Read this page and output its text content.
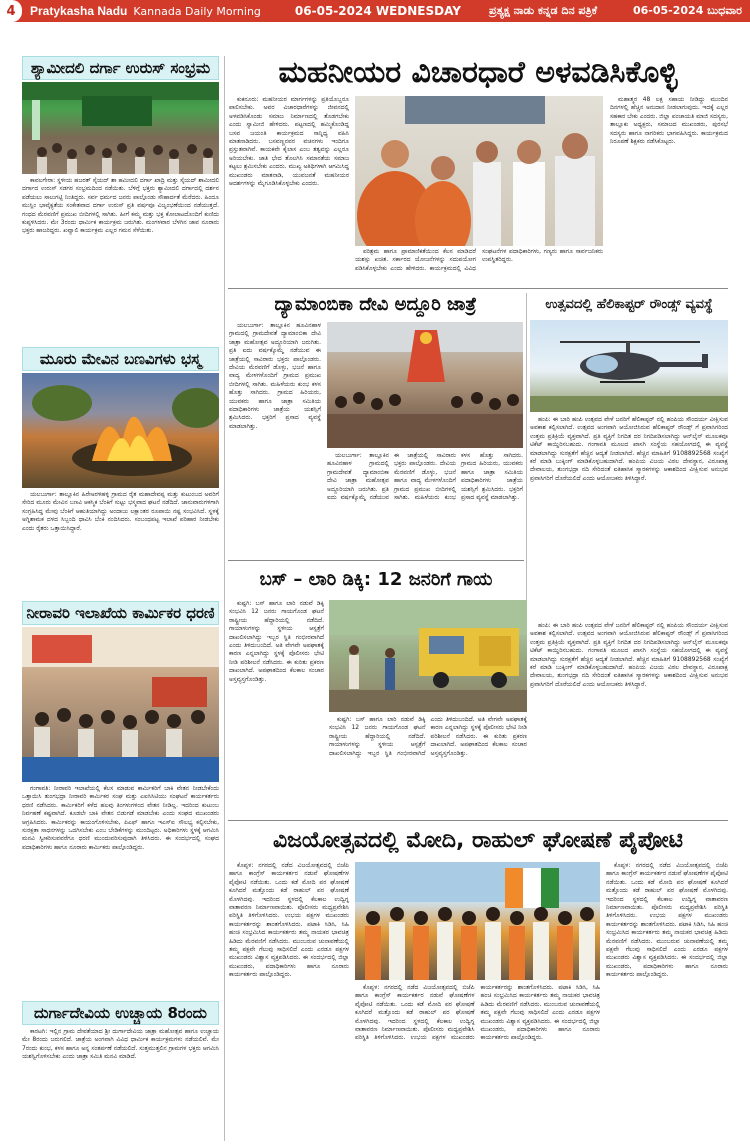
4	Pratykasha Nadu Kannada Daily Morning	06-05-2024 WEDNESDAY	ಪ್ರತ್ಯಕ್ಷ ನಾಡು ಕನ್ನಡ ದಿನ ಪತ್ರಿಕೆ	06-05-2024 ಬುಧವಾರ
ಶ್ಯಾಮೀದಲಿ ದರ್ಗಾ ಉರುಸ್ ಸಂಭ್ರಮ

ಕಾವಲಗೇರಾ: ಸ್ಥಳೀಯ ಹಜರತ್ ಸೈಯದ್ ಶಾ ಹಮೀದಲಿ ದರ್ಗಾ ಖಾದ್ರಿ ಮತ್ತು ಸೈಯದ್ ಶಾಮೀದಲಿ ದರ್ಗಾದ ಉರುಸ್ ಸಡಗರ ಸಂಭ್ರಮದಿಂದ ನಡೆಯಿತು. ಬೆಳಿಗ್ಗೆ ಭಕ್ತರು ಶ್ಯಾಮೀದಲಿ ದರ್ಗಾದಲ್ಲಿ ದರ್ಶನ ಪಡೆಯಲು ಸಾಲುಗಟ್ಟಿ ನಿಂತಿದ್ದರು. ಸರ್ವ ಧರ್ಮದ ಜನರು ಪಾಲ್ಗೊಂಡು ಸೌಹಾರ್ದತೆ ಮೆರೆದರು. ಹಿಂದೂ ಮುಸ್ಲಿಂ ಭಾವೈಕ್ಯತೆಯ ಸಂಕೇತವಾದ ದರ್ಗಾ ಉರುಸ್ ಪ್ರತಿ ವರ್ಷವೂ ವಿಜೃಂಭಣೆಯಿಂದ ನಡೆಯುತ್ತದೆ. ಗಂಧದ ಮೆರವಣಿಗೆ ಪ್ರಮುಖ ಬೀದಿಗಳಲ್ಲಿ ಸಾಗಿತು. ಹೀಗೆ ಕಮ್ಮ ಮತ್ತು ಭಕ್ತ ಕೋಲಾಟದೊಂದಿಗೆ ಕುಣಿದು ಕುಪ್ಪಳಿಸಿದರು. ಮೇ 3ರಂದು ಧಾರ್ಮಿಕ ಕಾರ್ಯಕ್ರಮ ಜರುಗಿತು. ಮಂಗಳವಾರ ಬೆಳಗಿನ ಜಾವ ನೂರಾರು ಭಕ್ತರು ಹಾಜರಿದ್ದರು. ಖವ್ವಾಲಿ ಕಾರ್ಯಕ್ರಮ ಎಲ್ಲರ ಗಮನ ಸೆಳೆಯಿತು.

ಮೂರು ಮೇವಿನ ಬಣವಿಗಳು ಭಸ್ಮ

ಯಲಬುರ್ಗಾ: ತಾಲ್ಲೂಕಿನ ಹಿರೇಅರಳಿಹಳ್ಳಿ ಗ್ರಾಮದ ರೈತ ಮಹಾದೇವಪ್ಪ ಮತ್ತು ಕುಟುಂಬದ ಅವರಿಗೆ ಸೇರಿದ ಮೂರು ಮೇವಿನ ಬಣವಿ ಆಕಸ್ಮಿಕ ಬೆಂಕಿಗೆ ಸುಟ್ಟು ಭಸ್ಮವಾದ ಘಟನೆ ನಡೆದಿದೆ. ಜಾನುವಾರುಗಳಿಗಾಗಿ ಸಂಗ್ರಹಿಸಿದ್ದ ಮೇವು ಬೆಂಕಿಗೆ ಆಹುತಿಯಾಗಿದ್ದು ಅಂದಾಜು ಲಕ್ಷಾಂತರ ರೂಪಾಯಿ ನಷ್ಟ ಸಂಭವಿಸಿದೆ. ಸ್ಥಳಕ್ಕೆ ಅಗ್ನಿಶಾಮಕ ದಳದ ಸಿಬ್ಬಂದಿ ಧಾವಿಸಿ ಬೆಂಕಿ ನಂದಿಸಿದರು. ಸಂಬಂಧಪಟ್ಟ ಇಲಾಖೆ ಪರಿಹಾರ ನೀಡಬೇಕು ಎಂದು ರೈತರು ಒತ್ತಾಯಿಸಿದ್ದಾರೆ.

ನೀರಾವರಿ ಇಲಾಖೆಯ ಕಾರ್ಮಿಕರ ಧರಣಿ

ಗಂಗಾವತಿ: ನೀರಾವರಿ ಇಲಾಖೆಯಲ್ಲಿ ಕೆಲಸ ಮಾಡುವ ಕಾರ್ಮಿಕರಿಗೆ ಬಾಕಿ ವೇತನ ನೀಡಬೇಕೆಂದು ಒತ್ತಾಯಿಸಿ ತುಂಗಭದ್ರಾ ನೀರಾವರಿ ಕಾರ್ಮಿಕರ ಸಂಘ ಮತ್ತು ಎಐಸಿಸಿಟಿಯು ಸಂಘಟನೆ ಕಾರ್ಯಕರ್ತರು ಧರಣಿ ನಡೆಸಿದರು. ಕಾರ್ಮಿಕರಿಗೆ ಕಳೆದ ಹಲವು ತಿಂಗಳುಗಳಿಂದ ವೇತನ ನೀಡಿಲ್ಲ. ಇದರಿಂದ ಕುಟುಂಬ ನಿರ್ವಹಣೆ ಕಷ್ಟವಾಗಿದೆ. ಕೂಡಲೇ ಬಾಕಿ ವೇತನ ಬಿಡುಗಡೆ ಮಾಡಬೇಕು ಎಂದು ಸಂಘದ ಮುಖಂಡರು ಆಗ್ರಹಿಸಿದರು. ಕಾರ್ಮಿಕರನ್ನು ಕಾಯಂಗೊಳಿಸಬೇಕು, ಪಿಎಫ್ ಹಾಗೂ ಇಎಸ್ಐ ಸೌಲಭ್ಯ ಕಲ್ಪಿಸಬೇಕು, ಸುರಕ್ಷತಾ ಸಾಧನಗಳನ್ನು ಒದಗಿಸಬೇಕು ಎಂಬ ಬೇಡಿಕೆಗಳನ್ನು ಮುಂದಿಟ್ಟರು. ಅಧಿಕಾರಿಗಳು ಸ್ಥಳಕ್ಕೆ ಆಗಮಿಸಿ ಮನವಿ ಸ್ವೀಕರಿಸುವವರೆಗೂ ಧರಣಿ ಮುಂದುವರಿಸುವುದಾಗಿ ತಿಳಿಸಿದರು. ಈ ಸಂದರ್ಭದಲ್ಲಿ ಸಂಘದ ಪದಾಧಿಕಾರಿಗಳು ಹಾಗೂ ನೂರಾರು ಕಾರ್ಮಿಕರು ಪಾಲ್ಗೊಂಡಿದ್ದರು.

ದುರ್ಗಾದೇವಿಯ ಉಚ್ಚಾಯ 8ರಂದು

ಕಾರಟಗಿ: ಇಲ್ಲಿನ ಗ್ರಾಮ ದೇವತೆಯಾದ ಶ್ರೀ ದುರ್ಗಾದೇವಿಯ ಜಾತ್ರಾ ಮಹೋತ್ಸವ ಹಾಗೂ ಉಚ್ಚಾಯ ಮೇ 8ರಂದು ಜರುಗಲಿದೆ. ಜಾತ್ರೆಯ ಅಂಗವಾಗಿ ವಿವಿಧ ಧಾರ್ಮಿಕ ಕಾರ್ಯಕ್ರಮಗಳು ನಡೆಯಲಿವೆ. ಮೇ 7ರಂದು ಕುಂಭ, ಕಳಸ ಹಾಗೂ ಅನ್ನ ಸಂತರ್ಪಣೆ ನಡೆಯಲಿದೆ. ಸುತ್ತಮುತ್ತಲಿನ ಗ್ರಾಮಗಳ ಭಕ್ತರು ಆಗಮಿಸಿ ಯಶಸ್ವಿಗೊಳಿಸಬೇಕು ಎಂದು ಜಾತ್ರಾ ಸಮಿತಿ ಮನವಿ ಮಾಡಿದೆ.

ಮಹನೀಯರ ವಿಚಾರಧಾರೆ ಅಳವಡಿಸಿಕೊಳ್ಳಿ

ಕುಕನೂರು: ಮಹನೀಯರ ಮಾರ್ಗಗಳನ್ನು ಪ್ರತಿಯೊಬ್ಬರೂ ಪಾಲಿಸಬೇಕು. ಅವರ ವಿಚಾರಧಾರೆಗಳನ್ನು ಜೀವನದಲ್ಲಿ ಅಳವಡಿಸಿಕೊಂಡು ಸಮಾಜ ನಿರ್ಮಾಣದಲ್ಲಿ ತೊಡಗಬೇಕು ಎಂದು ಸ್ವಾಮೀಜಿ ಹೇಳಿದರು. ಪಟ್ಟಣದಲ್ಲಿ ಹಮ್ಮಿಕೊಂಡಿದ್ದ ಬಸವ ಜಯಂತಿ ಕಾರ್ಯಕ್ರಮದ ಸಾನ್ನಿಧ್ಯ ವಹಿಸಿ ಮಾತನಾಡಿದರು. ಬಸವಣ್ಣನವರ ವಚನಗಳು ಇಂದಿಗೂ ಪ್ರಸ್ತುತವಾಗಿವೆ. ಕಾಯಕವೇ ಕೈಲಾಸ ಎಂಬ ತತ್ವವನ್ನು ಎಲ್ಲರೂ ಅರಿಯಬೇಕು. ಜಾತಿ ಭೇದ ತೊಲಗಿಸಿ ಸಮಾನತೆಯ ಸಮಾಜ ಕಟ್ಟಲು ಶ್ರಮಿಸಬೇಕು ಎಂದರು. ಮುಖ್ಯ ಅತಿಥಿಗಳಾಗಿ ಆಗಮಿಸಿದ್ದ ಮುಖಂಡರು ಮಾತನಾಡಿ, ಯುವಜನತೆ ಮಹನೀಯರ ಆದರ್ಶಗಳನ್ನು ಮೈಗೂಡಿಸಿಕೊಳ್ಳಬೇಕು ಎಂದರು.

ಪರಿಶ್ರಮ ಹಾಗೂ ಪ್ರಾಮಾಣಿಕತೆಯಿಂದ ಕೆಲಸ ಮಾಡಿದರೆ ಯಶಸ್ಸು ಖಚಿತ. ಸರ್ಕಾರದ ಯೋಜನೆಗಳನ್ನು ಸದುಪಯೋಗ ಪಡಿಸಿಕೊಳ್ಳಬೇಕು ಎಂದು ಹೇಳಿದರು. ಕಾರ್ಯಕ್ರಮದಲ್ಲಿ ವಿವಿಧ ಸಂಘಟನೆಗಳ ಪದಾಧಿಕಾರಿಗಳು, ಗಣ್ಯರು ಹಾಗೂ ಸಾರ್ವಜನಿಕರು ಉಪಸ್ಥಿತರಿದ್ದರು.

ಮಹಾತ್ಮರ 48 ಲಕ್ಷ ಸಹಾಯ ನೀಡಿದ್ದು ಮುಂದಿನ ದಿನಗಳಲ್ಲಿ ಹೆಚ್ಚಿನ ಅನುದಾನ ನೀಡಲಾಗುವುದು. ಇದಕ್ಕೆ ಎಲ್ಲರ ಸಹಕಾರ ಬೇಕು ಎಂದರು. ಜಿಲ್ಲಾ ಪಂಚಾಯತಿ ಮಾಜಿ ಸದಸ್ಯರು, ತಾಲ್ಲೂಕು ಅಧ್ಯಕ್ಷರು, ಸಮಾಜದ ಮುಖಂಡರು, ಪುರಸಭೆ ಸದಸ್ಯರು ಹಾಗೂ ನಾಗರಿಕರು ಭಾಗವಹಿಸಿದ್ದರು. ಕಾರ್ಯಕ್ರಮದ ನಿರೂಪಣೆ ಶಿಕ್ಷಕರು ನಡೆಸಿಕೊಟ್ಟರು.

ದ್ಯಾಮಾಂಬಿಕಾ ದೇವಿ ಅದ್ದೂರಿ ಜಾತ್ರೆ

ಯಲಬುರ್ಗಾ: ತಾಲ್ಲೂಕಿನ ಹೂವಿನಹಾಳ ಗ್ರಾಮದಲ್ಲಿ ಗ್ರಾಮದೇವತೆ ದ್ಯಾಮಾಂಬಿಕಾ ದೇವಿ ಜಾತ್ರಾ ಮಹೋತ್ಸವ ಅದ್ದೂರಿಯಾಗಿ ಜರುಗಿತು. ಪ್ರತಿ ಐದು ವರ್ಷಕ್ಕೊಮ್ಮೆ ನಡೆಯುವ ಈ ಜಾತ್ರೆಯಲ್ಲಿ ಸಾವಿರಾರು ಭಕ್ತರು ಪಾಲ್ಗೊಂಡರು. ದೇವಿಯ ಮೆರವಣಿಗೆ ಡೊಳ್ಳು, ಭಜನೆ ಹಾಗೂ ವಾದ್ಯ ಮೇಳಗಳೊಂದಿಗೆ ಗ್ರಾಮದ ಪ್ರಮುಖ ಬೀದಿಗಳಲ್ಲಿ ಸಾಗಿತು. ಮಹಿಳೆಯರು ಕುಂಭ ಕಳಸ ಹೊತ್ತು ಸಾಗಿದರು. ಗ್ರಾಮದ ಹಿರಿಯರು, ಯುವಕರು ಹಾಗೂ ಜಾತ್ರಾ ಸಮಿತಿಯ ಪದಾಧಿಕಾರಿಗಳು ಜಾತ್ರೆಯ ಯಶಸ್ಸಿಗೆ ಶ್ರಮಿಸಿದರು. ಭಕ್ತರಿಗೆ ಪ್ರಸಾದ ವ್ಯವಸ್ಥೆ ಮಾಡಲಾಗಿತ್ತು.

ಯಲಬುರ್ಗಾ: ತಾಲ್ಲೂಕಿನ ಹೂವಿನಹಾಳ ಗ್ರಾಮದಲ್ಲಿ ಗ್ರಾಮದೇವತೆ ದ್ಯಾಮಾಂಬಿಕಾ ದೇವಿ ಜಾತ್ರಾ ಮಹೋತ್ಸವ ಅದ್ದೂರಿಯಾಗಿ ಜರುಗಿತು. ಪ್ರತಿ ಐದು ವರ್ಷಕ್ಕೊಮ್ಮೆ ನಡೆಯುವ ಈ ಜಾತ್ರೆಯಲ್ಲಿ ಸಾವಿರಾರು ಭಕ್ತರು ಪಾಲ್ಗೊಂಡರು. ದೇವಿಯ ಮೆರವಣಿಗೆ ಡೊಳ್ಳು, ಭಜನೆ ಹಾಗೂ ವಾದ್ಯ ಮೇಳಗಳೊಂದಿಗೆ ಗ್ರಾಮದ ಪ್ರಮುಖ ಬೀದಿಗಳಲ್ಲಿ ಸಾಗಿತು. ಮಹಿಳೆಯರು ಕುಂಭ ಕಳಸ ಹೊತ್ತು ಸಾಗಿದರು. ಗ್ರಾಮದ ಹಿರಿಯರು, ಯುವಕರು ಹಾಗೂ ಜಾತ್ರಾ ಸಮಿತಿಯ ಪದಾಧಿಕಾರಿಗಳು ಜಾತ್ರೆಯ ಯಶಸ್ಸಿಗೆ ಶ್ರಮಿಸಿದರು. ಭಕ್ತರಿಗೆ ಪ್ರಸಾದ ವ್ಯವಸ್ಥೆ ಮಾಡಲಾಗಿತ್ತು.

ಉತ್ಸವದಲ್ಲಿ ಹೆಲಿಕಾಪ್ಟರ್ ರೌಂಡ್ಸ್ ವ್ಯವಸ್ಥೆ

ಹಂಪಿ: ಈ ಬಾರಿ ಹಂಪಿ ಉತ್ಸವದ ವೇಳೆ ಜನರಿಗೆ ಹೆಲಿಕಾಪ್ಟರ್ ನಲ್ಲಿ ಹಂಪಿಯ ಸೌಂದರ್ಯ ವೀಕ್ಷಿಸುವ ಅವಕಾಶ ಕಲ್ಪಿಸಲಾಗಿದೆ. ಉತ್ಸವದ ಅಂಗವಾಗಿ ಆಯೋಜಿಸಿರುವ ಹೆಲಿಕಾಪ್ಟರ್ ರೌಂಡ್ಸ್ ಗೆ ಪ್ರವಾಸಿಗರಿಂದ ಉತ್ತಮ ಪ್ರತಿಕ್ರಿಯೆ ವ್ಯಕ್ತವಾಗಿದೆ. ಪ್ರತಿ ವ್ಯಕ್ತಿಗೆ ನಿಗದಿತ ದರ ನಿಗದಿಪಡಿಸಲಾಗಿದ್ದು ಆನ್‌ಲೈನ್ ಮೂಲಕವೂ ಟಿಕೆಟ್ ಕಾಯ್ದಿರಿಸಬಹುದು. ಗಂಗಾವತಿ ಮೂಲದ ಖಾಸಗಿ ಸಂಸ್ಥೆಯ ಸಹಯೋಗದಲ್ಲಿ ಈ ವ್ಯವಸ್ಥೆ ಮಾಡಲಾಗಿದ್ದು ಸುರಕ್ಷತೆಗೆ ಹೆಚ್ಚಿನ ಆದ್ಯತೆ ನೀಡಲಾಗಿದೆ. ಹೆಚ್ಚಿನ ಮಾಹಿತಿಗೆ 9108892568 ಸಂಖ್ಯೆಗೆ ಕರೆ ಮಾಡಿ ಬುಕ್ಕಿಂಗ್ ಮಾಡಿಕೊಳ್ಳಬಹುದಾಗಿದೆ. ಹಂಪಿಯ ವಿಜಯ ವಿಠಲ ದೇವಸ್ಥಾನ, ವಿರೂಪಾಕ್ಷ ದೇವಾಲಯ, ತುಂಗಭದ್ರಾ ನದಿ ಸೇರಿದಂತೆ ಐತಿಹಾಸಿಕ ಸ್ಮಾರಕಗಳನ್ನು ಆಕಾಶದಿಂದ ವೀಕ್ಷಿಸುವ ಅನುಭವ ಪ್ರವಾಸಿಗರಿಗೆ ದೊರೆಯಲಿದೆ ಎಂದು ಆಯೋಜಕರು ತಿಳಿಸಿದ್ದಾರೆ.

ಬಸ್ – ಲಾರಿ ಡಿಕ್ಕಿ: 12 ಜನರಿಗೆ ಗಾಯ

ಕುಷ್ಟಗಿ: ಬಸ್ ಹಾಗೂ ಲಾರಿ ನಡುವೆ ಡಿಕ್ಕಿ ಸಂಭವಿಸಿ 12 ಜನರು ಗಾಯಗೊಂಡ ಘಟನೆ ರಾಷ್ಟ್ರೀಯ ಹೆದ್ದಾರಿಯಲ್ಲಿ ನಡೆದಿದೆ. ಗಾಯಾಳುಗಳನ್ನು ಸ್ಥಳೀಯ ಆಸ್ಪತ್ರೆಗೆ ದಾಖಲಿಸಲಾಗಿದ್ದು ಇಬ್ಬರ ಸ್ಥಿತಿ ಗಂಭೀರವಾಗಿದೆ ಎಂದು ತಿಳಿದುಬಂದಿದೆ. ಅತಿ ವೇಗವೇ ಅಪಘಾತಕ್ಕೆ ಕಾರಣ ಎನ್ನಲಾಗಿದ್ದು ಸ್ಥಳಕ್ಕೆ ಪೊಲೀಸರು ಭೇಟಿ ನೀಡಿ ಪರಿಶೀಲನೆ ನಡೆಸಿದರು. ಈ ಕುರಿತು ಪ್ರಕರಣ ದಾಖಲಾಗಿದೆ. ಅಪಘಾತದಿಂದ ಕೆಲಕಾಲ ಸಂಚಾರ ಅಸ್ತವ್ಯಸ್ತಗೊಂಡಿತ್ತು.

ಕುಷ್ಟಗಿ: ಬಸ್ ಹಾಗೂ ಲಾರಿ ನಡುವೆ ಡಿಕ್ಕಿ ಸಂಭವಿಸಿ 12 ಜನರು ಗಾಯಗೊಂಡ ಘಟನೆ ರಾಷ್ಟ್ರೀಯ ಹೆದ್ದಾರಿಯಲ್ಲಿ ನಡೆದಿದೆ. ಗಾಯಾಳುಗಳನ್ನು ಸ್ಥಳೀಯ ಆಸ್ಪತ್ರೆಗೆ ದಾಖಲಿಸಲಾಗಿದ್ದು ಇಬ್ಬರ ಸ್ಥಿತಿ ಗಂಭೀರವಾಗಿದೆ ಎಂದು ತಿಳಿದುಬಂದಿದೆ. ಅತಿ ವೇಗವೇ ಅಪಘಾತಕ್ಕೆ ಕಾರಣ ಎನ್ನಲಾಗಿದ್ದು ಸ್ಥಳಕ್ಕೆ ಪೊಲೀಸರು ಭೇಟಿ ನೀಡಿ ಪರಿಶೀಲನೆ ನಡೆಸಿದರು. ಈ ಕುರಿತು ಪ್ರಕರಣ ದಾಖಲಾಗಿದೆ. ಅಪಘಾತದಿಂದ ಕೆಲಕಾಲ ಸಂಚಾರ ಅಸ್ತವ್ಯಸ್ತಗೊಂಡಿತ್ತು.

ಹಂಪಿ: ಈ ಬಾರಿ ಹಂಪಿ ಉತ್ಸವದ ವೇಳೆ ಜನರಿಗೆ ಹೆಲಿಕಾಪ್ಟರ್ ನಲ್ಲಿ ಹಂಪಿಯ ಸೌಂದರ್ಯ ವೀಕ್ಷಿಸುವ ಅವಕಾಶ ಕಲ್ಪಿಸಲಾಗಿದೆ. ಉತ್ಸವದ ಅಂಗವಾಗಿ ಆಯೋಜಿಸಿರುವ ಹೆಲಿಕಾಪ್ಟರ್ ರೌಂಡ್ಸ್ ಗೆ ಪ್ರವಾಸಿಗರಿಂದ ಉತ್ತಮ ಪ್ರತಿಕ್ರಿಯೆ ವ್ಯಕ್ತವಾಗಿದೆ. ಪ್ರತಿ ವ್ಯಕ್ತಿಗೆ ನಿಗದಿತ ದರ ನಿಗದಿಪಡಿಸಲಾಗಿದ್ದು ಆನ್‌ಲೈನ್ ಮೂಲಕವೂ ಟಿಕೆಟ್ ಕಾಯ್ದಿರಿಸಬಹುದು. ಗಂಗಾವತಿ ಮೂಲದ ಖಾಸಗಿ ಸಂಸ್ಥೆಯ ಸಹಯೋಗದಲ್ಲಿ ಈ ವ್ಯವಸ್ಥೆ ಮಾಡಲಾಗಿದ್ದು ಸುರಕ್ಷತೆಗೆ ಹೆಚ್ಚಿನ ಆದ್ಯತೆ ನೀಡಲಾಗಿದೆ. ಹೆಚ್ಚಿನ ಮಾಹಿತಿಗೆ 9108892568 ಸಂಖ್ಯೆಗೆ ಕರೆ ಮಾಡಿ ಬುಕ್ಕಿಂಗ್ ಮಾಡಿಕೊಳ್ಳಬಹುದಾಗಿದೆ. ಹಂಪಿಯ ವಿಜಯ ವಿಠಲ ದೇವಸ್ಥಾನ, ವಿರೂಪಾಕ್ಷ ದೇವಾಲಯ, ತುಂಗಭದ್ರಾ ನದಿ ಸೇರಿದಂತೆ ಐತಿಹಾಸಿಕ ಸ್ಮಾರಕಗಳನ್ನು ಆಕಾಶದಿಂದ ವೀಕ್ಷಿಸುವ ಅನುಭವ ಪ್ರವಾಸಿಗರಿಗೆ ದೊರೆಯಲಿದೆ ಎಂದು ಆಯೋಜಕರು ತಿಳಿಸಿದ್ದಾರೆ.

ವಿಜಯೋತ್ಸವದಲ್ಲಿ ಮೋದಿ, ರಾಹುಲ್ ಘೋಷಣೆ ಪೈಪೋಟಿ

ಕೊಪ್ಪಳ: ನಗರದಲ್ಲಿ ನಡೆದ ವಿಜಯೋತ್ಸವದಲ್ಲಿ ಬಿಜೆಪಿ ಹಾಗೂ ಕಾಂಗ್ರೆಸ್ ಕಾರ್ಯಕರ್ತರ ನಡುವೆ ಘೋಷಣೆಗಳ ಪೈಪೋಟಿ ನಡೆಯಿತು. ಒಂದು ಕಡೆ ಮೋದಿ ಪರ ಘೋಷಣೆ ಕೂಗಿದರೆ ಮತ್ತೊಂದು ಕಡೆ ರಾಹುಲ್ ಪರ ಘೋಷಣೆ ಮೊಳಗಿದವು. ಇದರಿಂದ ಸ್ಥಳದಲ್ಲಿ ಕೆಲಕಾಲ ಉದ್ವಿಗ್ನ ವಾತಾವರಣ ನಿರ್ಮಾಣವಾಯಿತು. ಪೊಲೀಸರು ಮಧ್ಯಪ್ರವೇಶಿಸಿ ಪರಿಸ್ಥಿತಿ ತಿಳಿಗೊಳಿಸಿದರು. ಉಭಯ ಪಕ್ಷಗಳ ಮುಖಂಡರು ಕಾರ್ಯಕರ್ತರನ್ನು ಶಾಂತಗೊಳಿಸಿದರು. ಪಟಾಕಿ ಸಿಡಿಸಿ, ಸಿಹಿ ಹಂಚಿ ಸಂಭ್ರಮಿಸಿದ ಕಾರ್ಯಕರ್ತರು ತಮ್ಮ ನಾಯಕರ ಭಾವಚಿತ್ರ ಹಿಡಿದು ಮೆರವಣಿಗೆ ನಡೆಸಿದರು. ಮುಂಬರುವ ಚುನಾವಣೆಯಲ್ಲಿ ತಮ್ಮ ಪಕ್ಷವೇ ಗೆಲುವು ಸಾಧಿಸಲಿದೆ ಎಂದು ಎರಡೂ ಪಕ್ಷಗಳ ಮುಖಂಡರು ವಿಶ್ವಾಸ ವ್ಯಕ್ತಪಡಿಸಿದರು. ಈ ಸಂದರ್ಭದಲ್ಲಿ ಜಿಲ್ಲಾ ಮುಖಂಡರು, ಪದಾಧಿಕಾರಿಗಳು ಹಾಗೂ ನೂರಾರು ಕಾರ್ಯಕರ್ತರು ಪಾಲ್ಗೊಂಡಿದ್ದರು.

ಕೊಪ್ಪಳ: ನಗರದಲ್ಲಿ ನಡೆದ ವಿಜಯೋತ್ಸವದಲ್ಲಿ ಬಿಜೆಪಿ ಹಾಗೂ ಕಾಂಗ್ರೆಸ್ ಕಾರ್ಯಕರ್ತರ ನಡುವೆ ಘೋಷಣೆಗಳ ಪೈಪೋಟಿ ನಡೆಯಿತು. ಒಂದು ಕಡೆ ಮೋದಿ ಪರ ಘೋಷಣೆ ಕೂಗಿದರೆ ಮತ್ತೊಂದು ಕಡೆ ರಾಹುಲ್ ಪರ ಘೋಷಣೆ ಮೊಳಗಿದವು. ಇದರಿಂದ ಸ್ಥಳದಲ್ಲಿ ಕೆಲಕಾಲ ಉದ್ವಿಗ್ನ ವಾತಾವರಣ ನಿರ್ಮಾಣವಾಯಿತು. ಪೊಲೀಸರು ಮಧ್ಯಪ್ರವೇಶಿಸಿ ಪರಿಸ್ಥಿತಿ ತಿಳಿಗೊಳಿಸಿದರು. ಉಭಯ ಪಕ್ಷಗಳ ಮುಖಂಡರು ಕಾರ್ಯಕರ್ತರನ್ನು ಶಾಂತಗೊಳಿಸಿದರು. ಪಟಾಕಿ ಸಿಡಿಸಿ, ಸಿಹಿ ಹಂಚಿ ಸಂಭ್ರಮಿಸಿದ ಕಾರ್ಯಕರ್ತರು ತಮ್ಮ ನಾಯಕರ ಭಾವಚಿತ್ರ ಹಿಡಿದು ಮೆರವಣಿಗೆ ನಡೆಸಿದರು. ಮುಂಬರುವ ಚುನಾವಣೆಯಲ್ಲಿ ತಮ್ಮ ಪಕ್ಷವೇ ಗೆಲುವು ಸಾಧಿಸಲಿದೆ ಎಂದು ಎರಡೂ ಪಕ್ಷಗಳ ಮುಖಂಡರು ವಿಶ್ವಾಸ ವ್ಯಕ್ತಪಡಿಸಿದರು. ಈ ಸಂದರ್ಭದಲ್ಲಿ ಜಿಲ್ಲಾ ಮುಖಂಡರು, ಪದಾಧಿಕಾರಿಗಳು ಹಾಗೂ ನೂರಾರು ಕಾರ್ಯಕರ್ತರು ಪಾಲ್ಗೊಂಡಿದ್ದರು.

ಕೊಪ್ಪಳ: ನಗರದಲ್ಲಿ ನಡೆದ ವಿಜಯೋತ್ಸವದಲ್ಲಿ ಬಿಜೆಪಿ ಹಾಗೂ ಕಾಂಗ್ರೆಸ್ ಕಾರ್ಯಕರ್ತರ ನಡುವೆ ಘೋಷಣೆಗಳ ಪೈಪೋಟಿ ನಡೆಯಿತು. ಒಂದು ಕಡೆ ಮೋದಿ ಪರ ಘೋಷಣೆ ಕೂಗಿದರೆ ಮತ್ತೊಂದು ಕಡೆ ರಾಹುಲ್ ಪರ ಘೋಷಣೆ ಮೊಳಗಿದವು. ಇದರಿಂದ ಸ್ಥಳದಲ್ಲಿ ಕೆಲಕಾಲ ಉದ್ವಿಗ್ನ ವಾತಾವರಣ ನಿರ್ಮಾಣವಾಯಿತು. ಪೊಲೀಸರು ಮಧ್ಯಪ್ರವೇಶಿಸಿ ಪರಿಸ್ಥಿತಿ ತಿಳಿಗೊಳಿಸಿದರು. ಉಭಯ ಪಕ್ಷಗಳ ಮುಖಂಡರು ಕಾರ್ಯಕರ್ತರನ್ನು ಶಾಂತಗೊಳಿಸಿದರು. ಪಟಾಕಿ ಸಿಡಿಸಿ, ಸಿಹಿ ಹಂಚಿ ಸಂಭ್ರಮಿಸಿದ ಕಾರ್ಯಕರ್ತರು ತಮ್ಮ ನಾಯಕರ ಭಾವಚಿತ್ರ ಹಿಡಿದು ಮೆರವಣಿಗೆ ನಡೆಸಿದರು. ಮುಂಬರುವ ಚುನಾವಣೆಯಲ್ಲಿ ತಮ್ಮ ಪಕ್ಷವೇ ಗೆಲುವು ಸಾಧಿಸಲಿದೆ ಎಂದು ಎರಡೂ ಪಕ್ಷಗಳ ಮುಖಂಡರು ವಿಶ್ವಾಸ ವ್ಯಕ್ತಪಡಿಸಿದರು. ಈ ಸಂದರ್ಭದಲ್ಲಿ ಜಿಲ್ಲಾ ಮುಖಂಡರು, ಪದಾಧಿಕಾರಿಗಳು ಹಾಗೂ ನೂರಾರು ಕಾರ್ಯಕರ್ತರು ಪಾಲ್ಗೊಂಡಿದ್ದರು.
